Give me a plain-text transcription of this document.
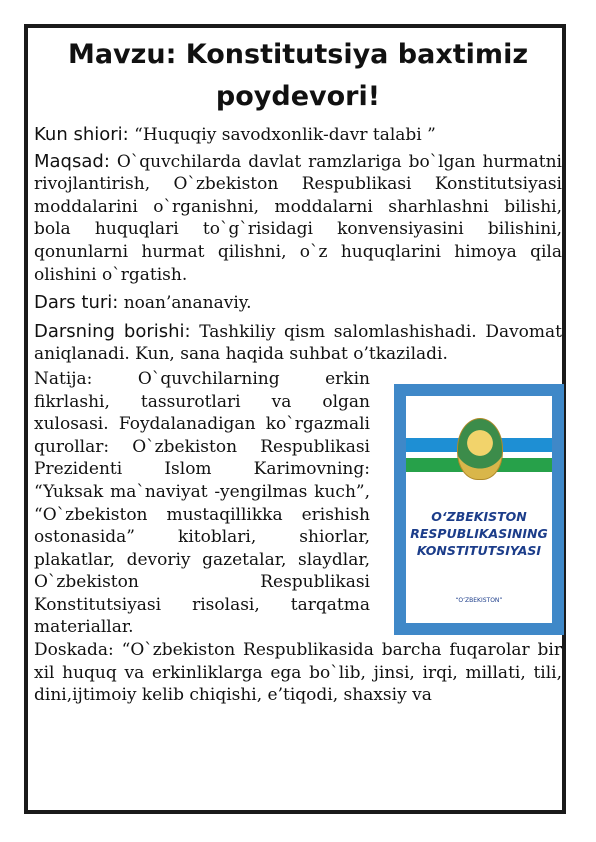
Mavzu: Konstitutsiya baxtimiz poydevori!

Kun shiori: “Huquqiy savodxonlik-davr talabi ”

Maqsad: O`quvchilarda davlat ramzlariga bo`lgan hurmatni rivojlantirish, O`zbekiston Respublikasi Konstitutsiyasi moddalarini o`rganishni, moddalarni sharhlashni bilishi, bola huquqlari to`g`risidagi konvensiyasini bilishini, qonunlarni hurmat qilishni, o`z huquqlarini himoya qila olishini o`rgatish.

Dars turi: noan’ananaviy.

Darsning borishi: Tashkiliy qism salomlashishadi. Davomat aniqlanadi. Kun, sana haqida suhbat o’tkaziladi.

Natija: O`quvchilarning erkin fikrlashi, tassurotlari va olgan xulosasi. Foydalanadigan ko`rgazmali qurollar: O`zbekiston Respublikasi Prezidenti Islom Karimovning: “Yuksak ma`naviyat -yengilmas kuch”, “O`zbekiston mustaqillikka erishish ostonasida” kitoblari, shiorlar, plakatlar, devoriy gazetalar, slaydlar, O`zbekiston Respublikasi Konstitutsiyasi risolasi, tarqatma materiallar.

O‘ZBEKISTON RESPUBLIKASINING KONSTITUTSIYASI
“O‘ZBEKISTON”

Doskada: “O`zbekiston Respublikasida barcha fuqarolar bir xil huquq va erkinliklarga ega bo`lib, jinsi, irqi, millati, tili, dini,ijtimoiy kelib chiqishi, e’tiqodi, shaxsiy va
